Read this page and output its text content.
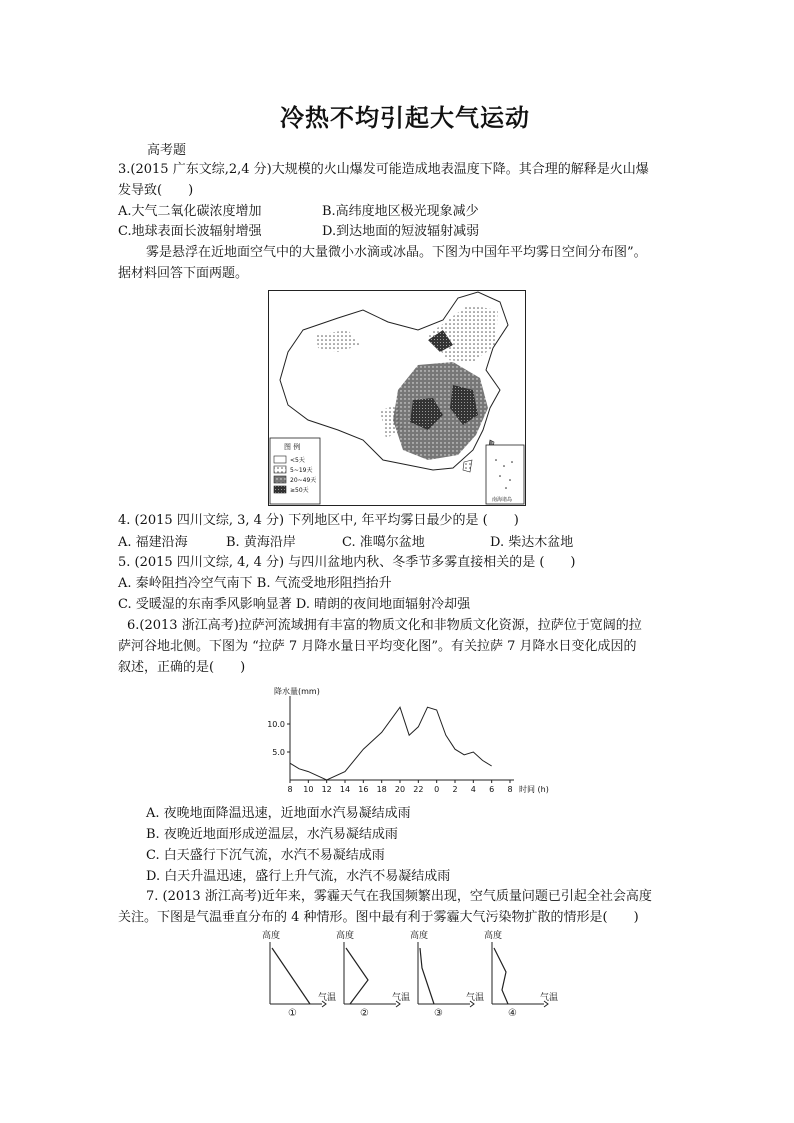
冷热不均引起大气运动
高考题
3.(2015 广东文综,2,4 分)大规模的火山爆发可能造成地表温度下降。其合理的解释是火山爆
发导致(　　)
A.大气二氧化碳浓度增加	B.高纬度地区极光现象减少
C.地球表面长波辐射增强	D.到达地面的短波辐射减弱
雾是悬浮在近地面空气中的大量微小水滴或冰晶。下图为中国年平均雾日空间分布图”。
据材料回答下面两题。
图 例
<5天
5~19天
20~49天
≥50天
南海诸岛
4. (2015 四川文综, 3, 4 分) 下列地区中, 年平均雾日最少的是 (　　)
A. 福建沿海	B. 黄海沿岸	C. 准噶尔盆地	D. 柴达木盆地
5. (2015 四川文综, 4, 4 分) 与四川盆地内秋、冬季节多雾直接相关的是 (　　)
A. 秦岭阻挡冷空气南下 B. 气流受地形阻挡抬升
C. 受暖湿的东南季风影响显著 D. 晴朗的夜间地面辐射冷却强
6.(2013 浙江高考)拉萨河流域拥有丰富的物质文化和非物质文化资源，拉萨位于宽阔的拉
萨河谷地北侧。下图为 “拉萨 7 月降水量日平均变化图”。有关拉萨 7 月降水日变化成因的
叙述，正确的是(　　)
降水量(mm)
时间 (h)
8 10 12 14 16 18 20 22 0 2 4 6 8
5.0
10.0
A. 夜晚地面降温迅速，近地面水汽易凝结成雨
B. 夜晚近地面形成逆温层，水汽易凝结成雨
C. 白天盛行下沉气流，水汽不易凝结成雨
D. 白天升温迅速，盛行上升气流，水汽不易凝结成雨
7. (2013 浙江高考)近年来，雾霾天气在我国频繁出现，空气质量问题已引起全社会高度
关注。下图是气温垂直分布的 4 种情形。图中最有利于雾霾大气污染物扩散的情形是(　　)
高度
气温
①
高度
气温
②
高度
气温
③
高度
气温
④
